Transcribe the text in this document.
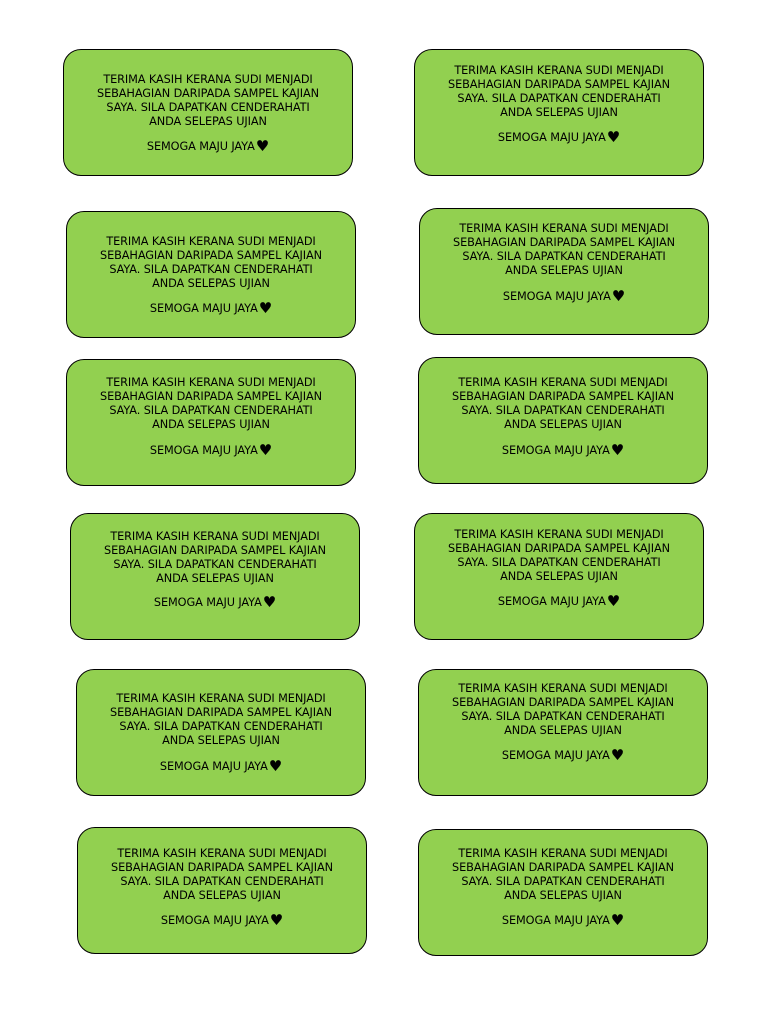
TERIMA KASIH KERANA SUDI MENJADI
SEBAHAGIAN DARIPADA SAMPEL KAJIAN
SAYA. SILA DAPATKAN CENDERAHATI
ANDA SELEPAS UJIAN
SEMOGA MAJU JAYA♥
TERIMA KASIH KERANA SUDI MENJADI
SEBAHAGIAN DARIPADA SAMPEL KAJIAN
SAYA. SILA DAPATKAN CENDERAHATI
ANDA SELEPAS UJIAN
SEMOGA MAJU JAYA♥
TERIMA KASIH KERANA SUDI MENJADI
SEBAHAGIAN DARIPADA SAMPEL KAJIAN
SAYA. SILA DAPATKAN CENDERAHATI
ANDA SELEPAS UJIAN
SEMOGA MAJU JAYA♥
TERIMA KASIH KERANA SUDI MENJADI
SEBAHAGIAN DARIPADA SAMPEL KAJIAN
SAYA. SILA DAPATKAN CENDERAHATI
ANDA SELEPAS UJIAN
SEMOGA MAJU JAYA♥
TERIMA KASIH KERANA SUDI MENJADI
SEBAHAGIAN DARIPADA SAMPEL KAJIAN
SAYA. SILA DAPATKAN CENDERAHATI
ANDA SELEPAS UJIAN
SEMOGA MAJU JAYA♥
TERIMA KASIH KERANA SUDI MENJADI
SEBAHAGIAN DARIPADA SAMPEL KAJIAN
SAYA. SILA DAPATKAN CENDERAHATI
ANDA SELEPAS UJIAN
SEMOGA MAJU JAYA♥
TERIMA KASIH KERANA SUDI MENJADI
SEBAHAGIAN DARIPADA SAMPEL KAJIAN
SAYA. SILA DAPATKAN CENDERAHATI
ANDA SELEPAS UJIAN
SEMOGA MAJU JAYA♥
TERIMA KASIH KERANA SUDI MENJADI
SEBAHAGIAN DARIPADA SAMPEL KAJIAN
SAYA. SILA DAPATKAN CENDERAHATI
ANDA SELEPAS UJIAN
SEMOGA MAJU JAYA♥
TERIMA KASIH KERANA SUDI MENJADI
SEBAHAGIAN DARIPADA SAMPEL KAJIAN
SAYA. SILA DAPATKAN CENDERAHATI
ANDA SELEPAS UJIAN
SEMOGA MAJU JAYA♥
TERIMA KASIH KERANA SUDI MENJADI
SEBAHAGIAN DARIPADA SAMPEL KAJIAN
SAYA. SILA DAPATKAN CENDERAHATI
ANDA SELEPAS UJIAN
SEMOGA MAJU JAYA♥
TERIMA KASIH KERANA SUDI MENJADI
SEBAHAGIAN DARIPADA SAMPEL KAJIAN
SAYA. SILA DAPATKAN CENDERAHATI
ANDA SELEPAS UJIAN
SEMOGA MAJU JAYA♥
TERIMA KASIH KERANA SUDI MENJADI
SEBAHAGIAN DARIPADA SAMPEL KAJIAN
SAYA. SILA DAPATKAN CENDERAHATI
ANDA SELEPAS UJIAN
SEMOGA MAJU JAYA♥
